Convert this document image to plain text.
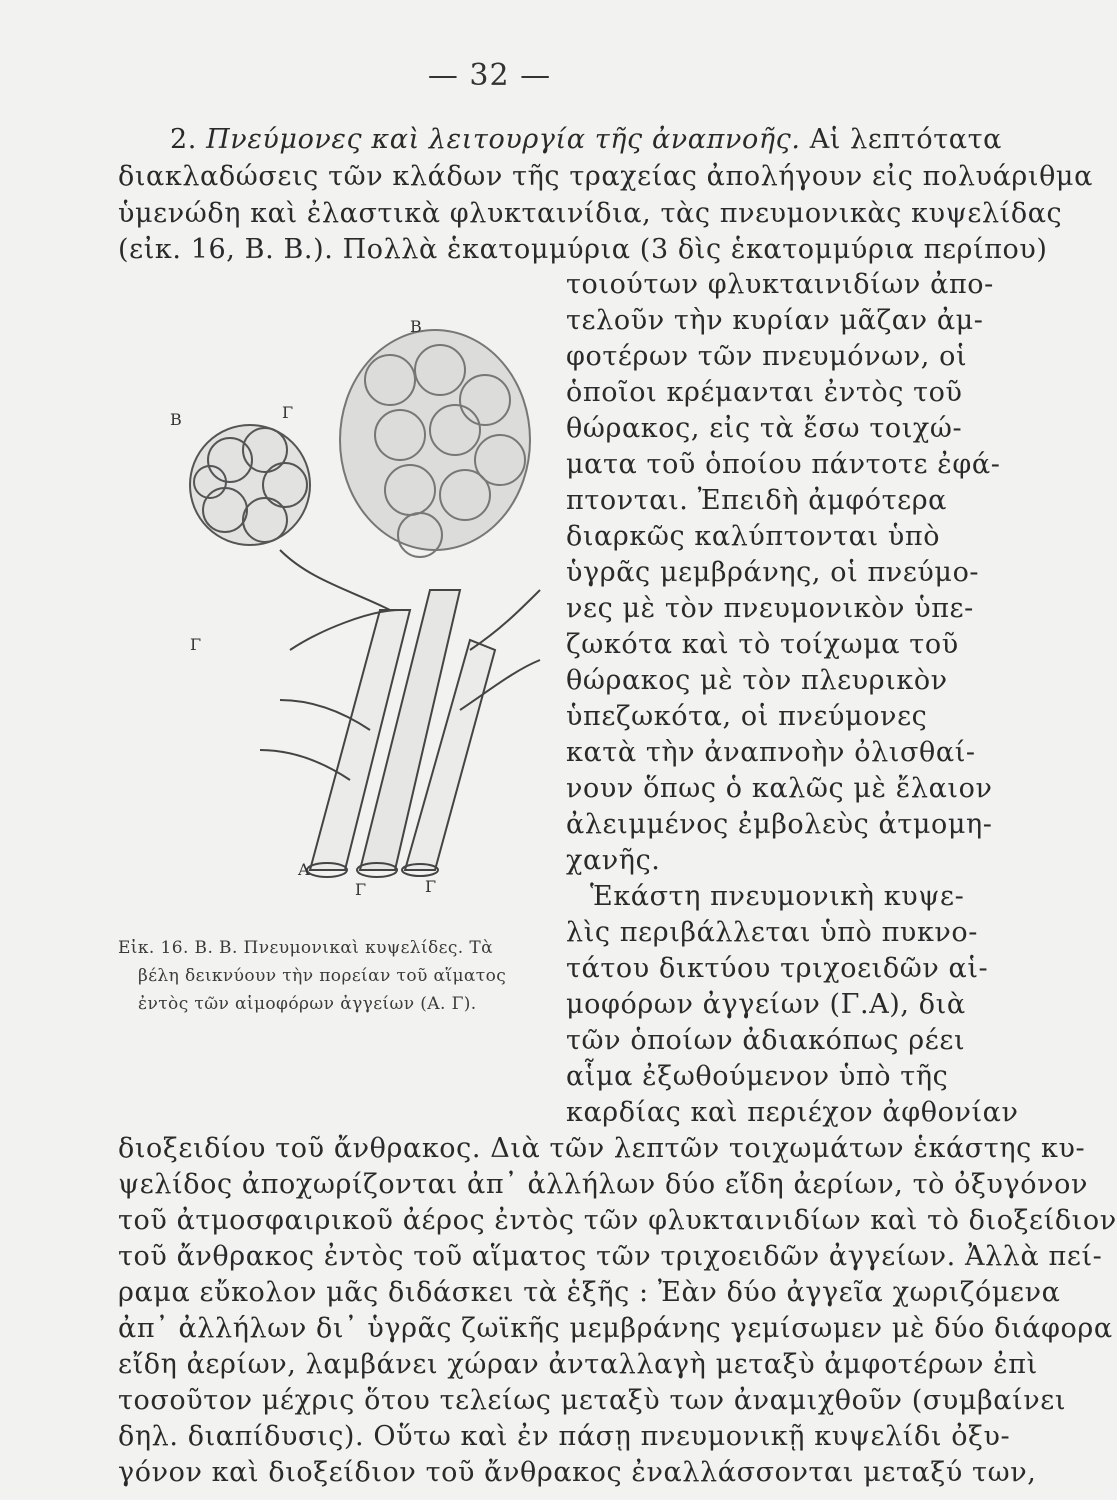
— 32 —
2. Πνεύμονες καὶ λειτουργία τῆς ἀναπνοῆς. Αἱ λεπτότατα
διακλαδώσεις τῶν κλάδων τῆς τραχείας ἀπολήγουν εἰς πολυάριθμα
ὑμενώδη καὶ ἐλαστικὰ φλυκταινίδια, τὰς πνευμονικὰς κυψελίδας
(εἰκ. 16, Β. Β.). Πολλὰ ἑκατομμύρια (3 δὶς ἑκατομμύρια περίπου)
τοιούτων φλυκταινιδίων ἀπο-
τελοῦν τὴν κυρίαν μᾶζαν ἀμ-
φοτέρων τῶν πνευμόνων, οἱ
ὁποῖοι κρέμανται ἐντὸς τοῦ
θώρακος, εἰς τὰ ἔσω τοιχώ-
ματα τοῦ ὁποίου πάντοτε ἐφά-
πτονται. Ἐπειδὴ ἀμφότερα
διαρκῶς καλύπτονται ὑπὸ
ὑγρᾶς μεμβράνης, οἱ πνεύμο-
νες μὲ τὸν πνευμονικὸν ὑπε-
ζωκότα καὶ τὸ τοίχωμα τοῦ
θώρακος μὲ τὸν πλευρικὸν
ὑπεζωκότα, οἱ πνεύμονες
κατὰ τὴν ἀναπνοὴν ὀλισθαί-
νουν ὅπως ὁ καλῶς μὲ ἔλαιον
ἀλειμμένος ἐμβολεὺς ἀτμομη-
χανῆς.
Ἑκάστη πνευμονικὴ κυψε-
λὶς περιβάλλεται ὑπὸ πυκνο-
τάτου δικτύου τριχοειδῶν αἱ-
μοφόρων ἀγγείων (Γ.Α), διὰ
τῶν ὁποίων ἀδιακόπως ρέει
αἷμα ἐξωθούμενον ὑπὸ τῆς
καρδίας καὶ περιέχον ἀφθονίαν
διοξειδίου τοῦ ἄνθρακος. Διὰ τῶν λεπτῶν τοιχωμάτων ἑκάστης κυ-
ψελίδος ἀποχωρίζονται ἀπ᾿ ἀλλήλων δύο εἴδη ἀερίων, τὸ ὀξυγόνον
τοῦ ἀτμοσφαιρικοῦ ἀέρος ἐντὸς τῶν φλυκταινιδίων καὶ τὸ διοξείδιον
τοῦ ἄνθρακος ἐντὸς τοῦ αἵματος τῶν τριχοειδῶν ἀγγείων. Ἀλλὰ πεί-
ραμα εὔκολον μᾶς διδάσκει τὰ ἑξῆς : Ἐὰν δύο ἀγγεῖα χωριζόμενα
ἀπ᾿ ἀλλήλων δι᾿ ὑγρᾶς ζωϊκῆς μεμβράνης γεμίσωμεν μὲ δύο διάφορα
εἴδη ἀερίων, λαμβάνει χώραν ἀνταλλαγὴ μεταξὺ ἀμφοτέρων ἐπὶ
τοσοῦτον μέχρις ὅτου τελείως μεταξὺ των ἀναμιχθοῦν (συμβαίνει
δηλ. διαπίδυσις). Οὕτω καὶ ἐν πάσῃ πνευμονικῇ κυψελίδι ὀξυ-
γόνον καὶ διοξείδιον τοῦ ἄνθρακος ἐναλλάσσονται μεταξύ των,
Β
Β
Γ
Γ
Α
Γ	Γ
Εἰκ. 16. Β. Β. Πνευμονικαὶ κυψελίδες. Τὰ
βέλη δεικνύουν τὴν πορείαν τοῦ αἵματος
ἐντὸς τῶν αἱμοφόρων ἀγγείων (Α. Γ).
